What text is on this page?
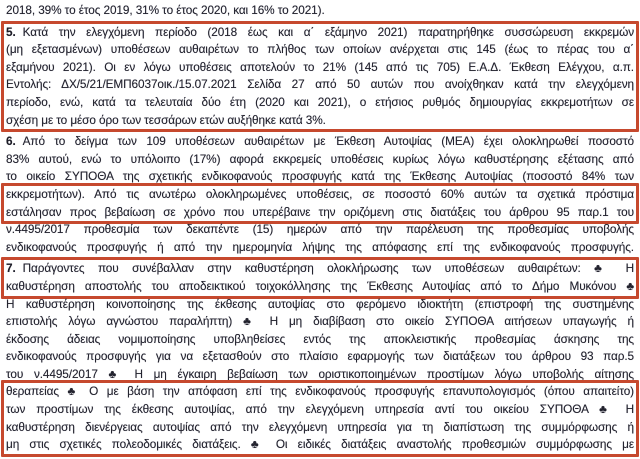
2018, 39% το έτος 2019, 31% το έτος 2020, και 16% το 2021).
5. Κατά την ελεγχόμενη περίοδο (2018 έως και α΄ εξάμηνο 2021) παρατηρήθηκε συσσώρευση εκκρεμών
(μη εξετασμένων) υποθέσεων αυθαιρέτων το πλήθος των οποίων ανέρχεται στις 145 (έως το πέρας του α΄
εξαμήνου 2021). Οι εν λόγω υποθέσεις αποτελούν το 21% (145 από τις 705) Ε.Α.Δ. Έκθεση Ελέγχου, α.π.
Εντολής: ΔΧ/5/21/ΕΜΠ6037οικ./15.07.2021 Σελίδα 27 από 50 αυτών που ανοίχθηκαν κατά την ελεγχόμενη
περίοδο, ενώ, κατά τα τελευταία δύο έτη (2020 και 2021), ο ετήσιος ρυθμός δημιουργίας εκκρεμοτήτων σε
σχέση με το μέσο όρο των τεσσάρων ετών αυξήθηκε κατά 3%.
6. Από το δείγμα των 109 υποθέσεων αυθαιρέτων με Έκθεση Αυτοψίας (ΜΕΑ) έχει ολοκληρωθεί ποσοστό
83% αυτού, ενώ το υπόλοιπο (17%) αφορά εκκρεμείς υποθέσεις κυρίως λόγω καθυστέρησης εξέτασης από
το οικείο ΣΥΠΟΘΑ της σχετικής ενδικοφανούς προσφυγής κατά της Έκθεσης Αυτοψίας (ποσοστό 84% των
εκκρεμοτήτων). Από τις ανωτέρω ολοκληρωμένες υποθέσεις, σε ποσοστό 60% αυτών τα σχετικά πρόστιμα
εστάλησαν προς βεβαίωση σε χρόνο που υπερέβαινε την οριζόμενη στις διατάξεις του άρθρου 95 παρ.1 του
ν.4495/2017 προθεσμία των δεκαπέντε (15) ημερών από την παρέλευση της προθεσμίας υποβολής
ενδικοφανούς προσφυγής ή από την ημερομηνία λήψης της απόφασης επί της ενδικοφανούς προσφυγής.
7. Παράγοντες που συνέβαλλαν στην καθυστέρηση ολοκλήρωσης των υποθέσεων αυθαιρέτων: ♣ Η
καθυστέρηση αποστολής του αποδεικτικού τοιχοκόλλησης της Έκθεσης Αυτοψίας από το Δήμο Μυκόνου ♣
Η καθυστέρηση κοινοποίησης της έκθεσης αυτοψίας στο φερόμενο ιδιοκτήτη (επιστροφή της συστημένης
επιστολής λόγω αγνώστου παραλήπτη) ♣ Η μη διαβίβαση στο οικείο ΣΥΠΟΘΑ αιτήσεων υπαγωγής ή
έκδοσης άδειας νομιμοποίησης υποβληθείσες εντός της αποκλειστικής προθεσμίας άσκησης της
ενδικοφανούς προσφυγής για να εξετασθούν στο πλαίσιο εφαρμογής των διατάξεων του άρθρου 93 παρ.5
του ν.4495/2017 ♣ Η μη έγκαιρη βεβαίωση των οριστικοποιημένων προστίμων λόγω υποβολής αίτησης
θεραπείας ♣ Ο με βάση την απόφαση επί της ενδικοφανούς προσφυγής επανυπολογισμός (όπου απαιτείτο)
των προστίμων της έκθεσης αυτοψίας, από την ελεγχόμενη υπηρεσία αντί του οικείου ΣΥΠΟΘΑ ♣ Η
καθυστέρηση διενέργειας αυτοψίας από την ελεγχόμενη υπηρεσία για τη διαπίστωση της συμμόρφωσης ή
μη στις σχετικές πολεοδομικές διατάξεις. ♣ Οι ειδικές διατάξεις αναστολής προθεσμιών συμμόρφωσης με
